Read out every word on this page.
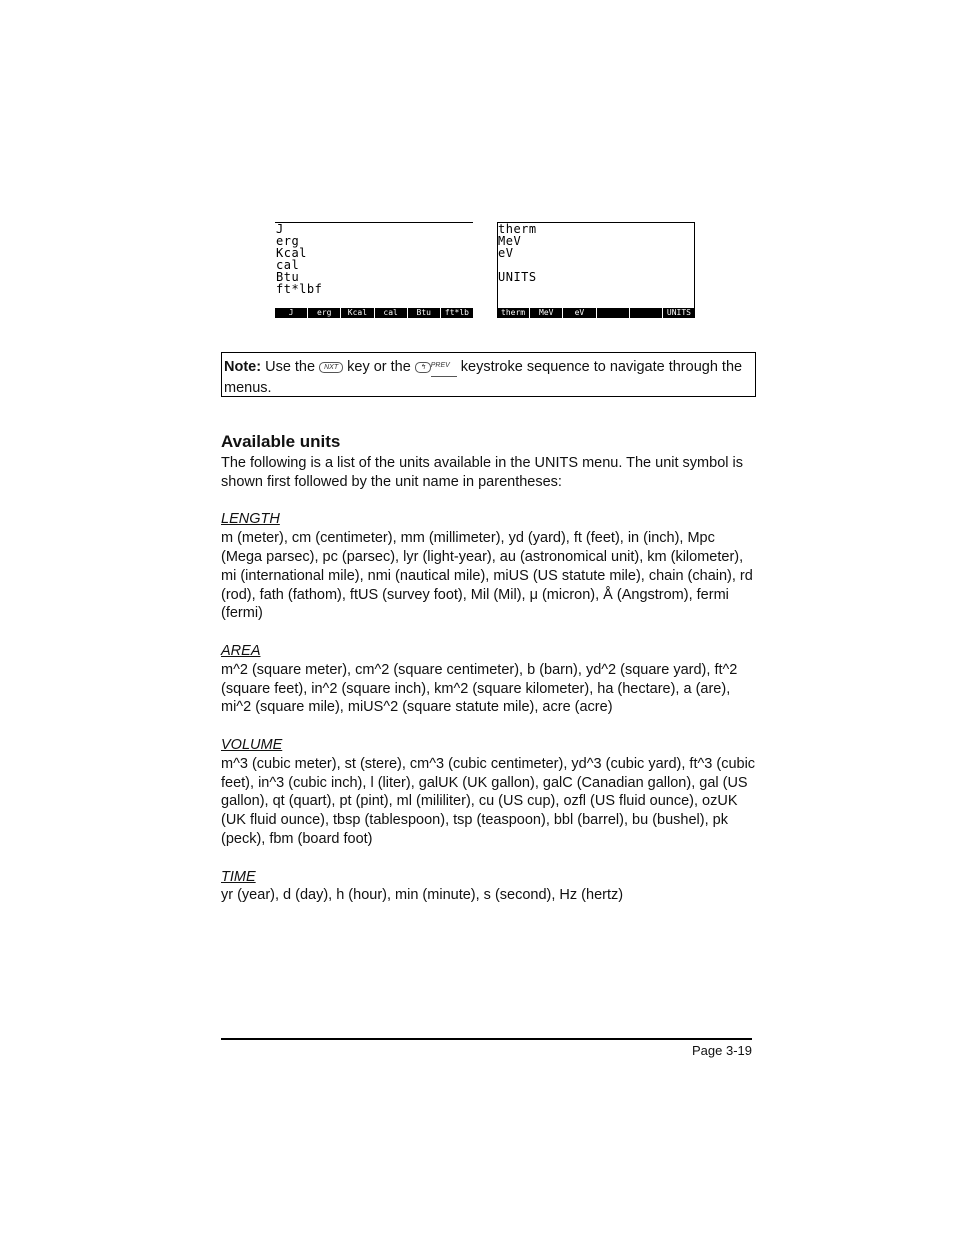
J
erg
Kcal
cal
Btu
ft*lbf
J	erg	Kcal	cal	Btu	ft*lb
therm
MeV
eV
UNITS
therm	MeV	eV	UNITS
Note: Use the NXT key or the ↰ PREV keystroke sequence to navigate through the menus.
Available units

The following is a list of the units available in the UNITS menu. The unit symbol is shown first followed by the unit name in parentheses:

LENGTH

m (meter), cm (centimeter), mm (millimeter), yd (yard), ft (feet), in (inch), Mpc (Mega parsec), pc (parsec), lyr (light-year), au (astronomical unit), km (kilometer), mi (international mile), nmi (nautical mile), miUS (US statute mile), chain (chain), rd (rod), fath (fathom), ftUS (survey foot), Mil (Mil), μ (micron), Å (Angstrom), fermi (fermi)

AREA

m^2 (square meter), cm^2 (square centimeter), b (barn), yd^2 (square yard), ft^2 (square feet), in^2 (square inch), km^2 (square kilometer), ha (hectare), a (are), mi^2 (square mile), miUS^2 (square statute mile), acre (acre)

VOLUME

m^3 (cubic meter), st (stere), cm^3 (cubic centimeter), yd^3 (cubic yard), ft^3 (cubic feet), in^3 (cubic inch), l (liter), galUK (UK gallon), galC (Canadian gallon), gal (US gallon), qt (quart), pt (pint), ml (mililiter), cu (US cup), ozfl (US fluid ounce), ozUK (UK fluid ounce), tbsp (tablespoon), tsp (teaspoon), bbl (barrel), bu (bushel), pk (peck), fbm (board foot)

TIME

yr (year), d (day), h (hour), min (minute), s (second), Hz (hertz)

Page 3-19
